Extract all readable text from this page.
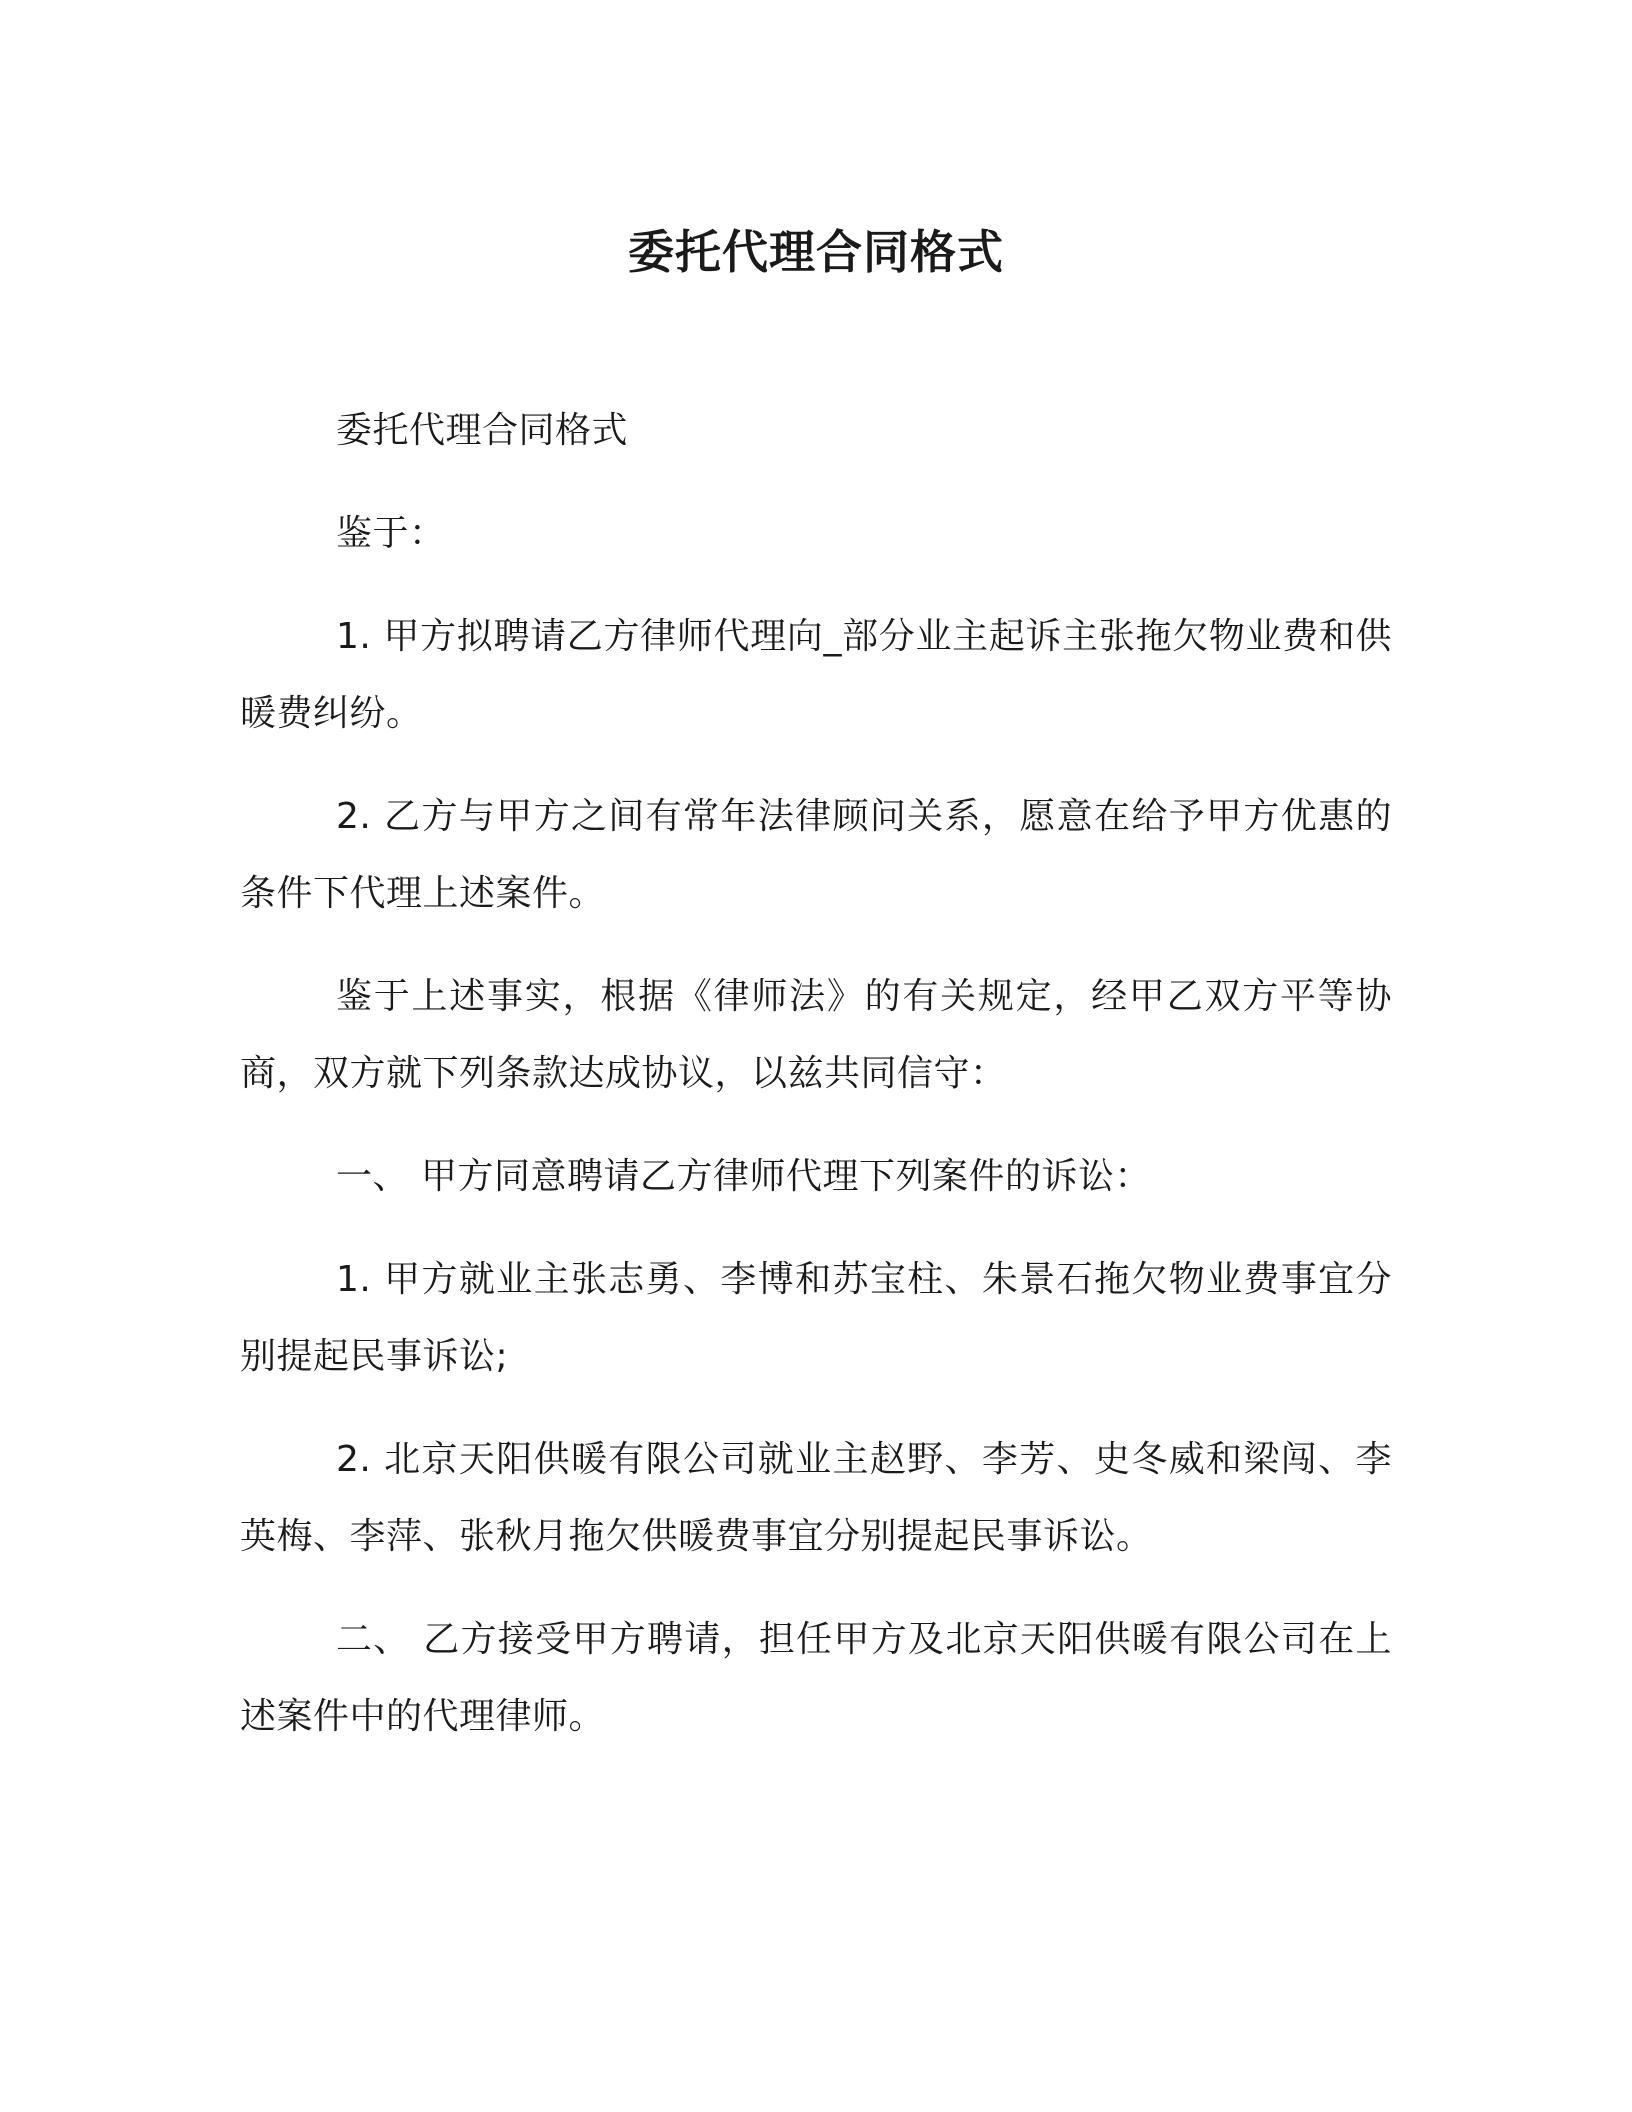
委托代理合同格式

委托代理合同格式

鉴于：

1. 甲方拟聘请乙方律师代理向_部分业主起诉主张拖欠物业费和供暖费纠纷。

2. 乙方与甲方之间有常年法律顾问关系，愿意在给予甲方优惠的条件下代理上述案件。

鉴于上述事实，根据《律师法》的有关规定，经甲乙双方平等协商，双方就下列条款达成协议，以兹共同信守：

一、 甲方同意聘请乙方律师代理下列案件的诉讼：

1. 甲方就业主张志勇、李博和苏宝柱、朱景石拖欠物业费事宜分别提起民事诉讼;

2. 北京天阳供暖有限公司就业主赵野、李芳、史冬威和梁闯、李英梅、李萍、张秋月拖欠供暖费事宜分别提起民事诉讼。

二、 乙方接受甲方聘请，担任甲方及北京天阳供暖有限公司在上述案件中的代理律师。
